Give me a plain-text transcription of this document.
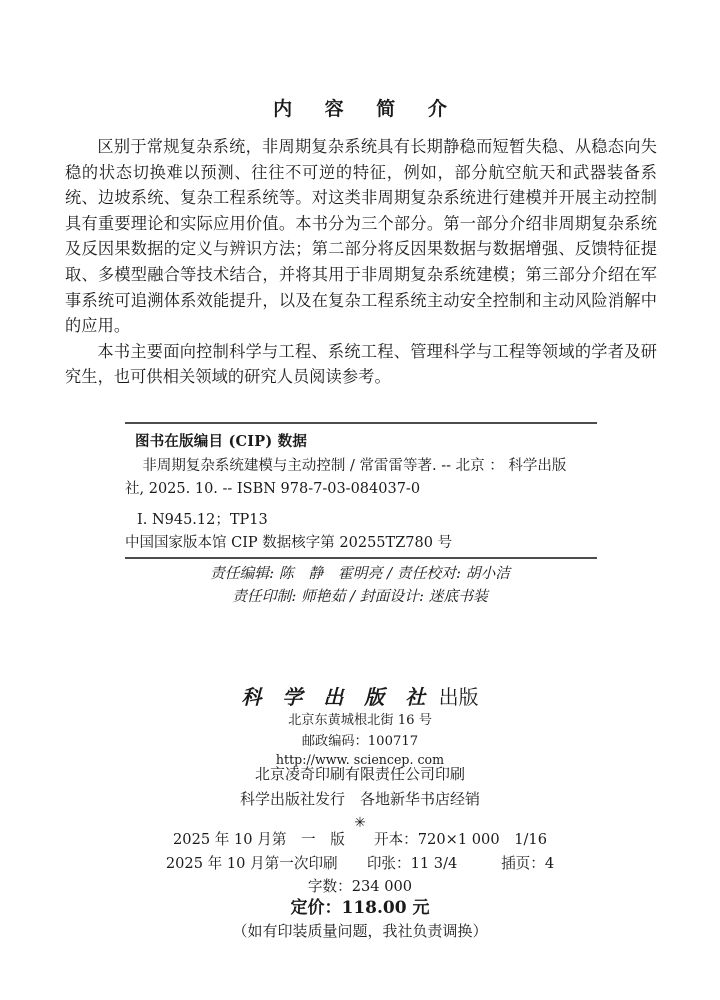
内 容 简 介

区别于常规复杂系统，非周期复杂系统具有长期静稳而短暂失稳、从稳态向失稳的状态切换难以预测、往往不可逆的特征，例如，部分航空航天和武器装备系统、边坡系统、复杂工程系统等。对这类非周期复杂系统进行建模并开展主动控制具有重要理论和实际应用价值。本书分为三个部分。第一部分介绍非周期复杂系统及反因果数据的定义与辨识方法；第二部分将反因果数据与数据增强、反馈特征提取、多模型融合等技术结合，并将其用于非周期复杂系统建模；第三部分介绍在军事系统可追溯体系效能提升，以及在复杂工程系统主动安全控制和主动风险消解中的应用。

本书主要面向控制科学与工程、系统工程、管理科学与工程等领域的学者及研究生，也可供相关领域的研究人员阅读参考。

图书在版编目 (CIP) 数据
非周期复杂系统建模与主动控制 / 常雷雷等著. -- 北京 ： 科学出版
社, 2025. 10. -- ISBN 978-7-03-084037-0
Ⅰ. N945.12；TP13
中国国家版本馆 CIP 数据核字第 20255TZ780 号
责任编辑: 陈　静　霍明亮 / 责任校对: 胡小洁
责任印制: 师艳茹 / 封面设计: 迷底书装
科 学 出 版 社 出版
北京东黄城根北街 16 号
邮政编码：100717
http://www. sciencep. com
北京凌奇印刷有限责任公司印刷
科学出版社发行　各地新华书店经销
✳
2025 年 10 月第　一　版　　开本：720×1 000　1/16
2025 年 10 月第一次印刷　　印张：11 3/4　　　插页：4
字数：234 000
定价：118.00 元
（如有印装质量问题，我社负责调换）
